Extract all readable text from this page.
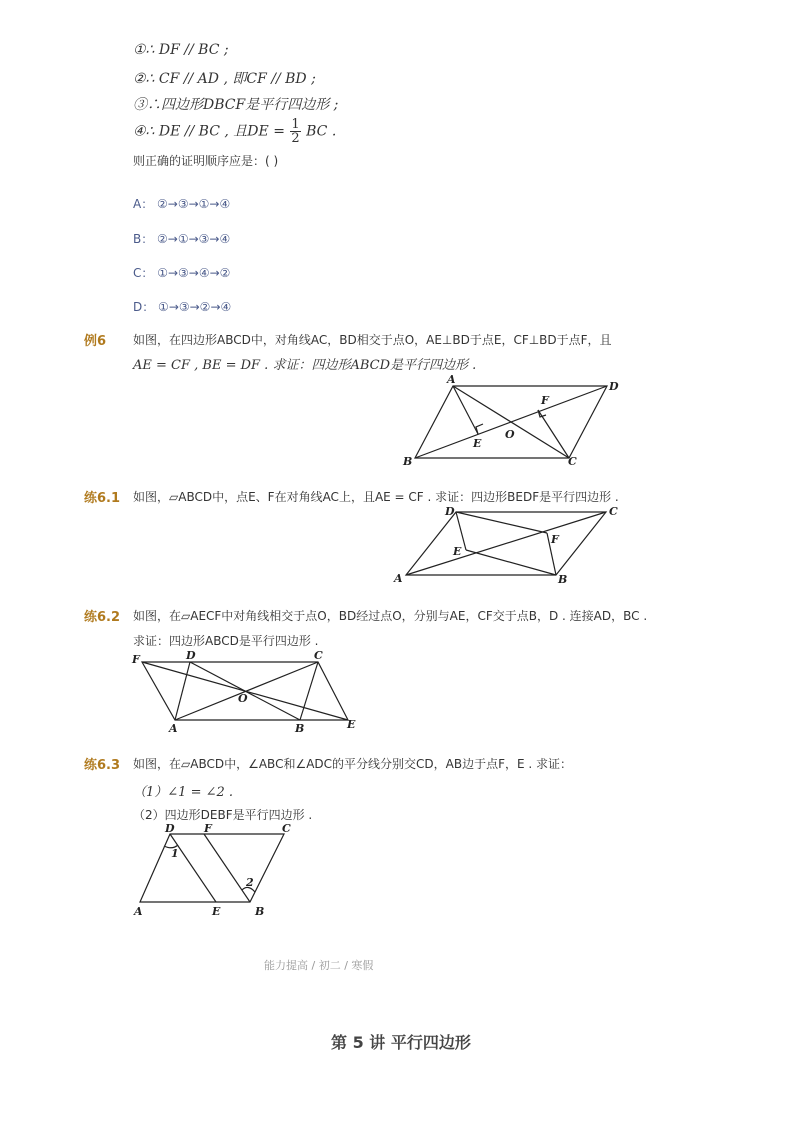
①∴ DF // BC ;
②∴ CF // AD , 即CF // BD ;
③∴四边形DBCF是平行四边形 ;
④∴ DE // BC , 且DE = $\frac{1}{2}$ BC .
则正确的证明顺序应是：( )
A： ②→③→①→④
B： ②→①→③→④
C： ①→③→④→②
D： ①→③→②→④
例6 如图，在四边形ABCD中，对角线AC，BD相交于点O，AE⊥BD于点E，CF⊥BD于点F，且
AE = CF , BE = DF . 求证：四边形ABCD是平行四边形 .
A
D
B	C
E
F
O
练6.1 如图，▱ABCD中，点E、F在对角线AC上，且AE = CF . 求证：四边形BEDF是平行四边形 .
D	C
A	B
E
F
练6.2 如图，在▱AECF中对角线相交于点O，BD经过点O，分别与AE，CF交于点B，D . 连接AD，BC .
求证：四边形ABCD是平行四边形 .
F	D	C
O
A	B	E
练6.3 如图，在▱ABCD中，∠ABC和∠ADC的平分线分别交CD，AB边于点F，E . 求证：
（1）∠1 = ∠2 .
（2）四边形DEBF是平行四边形 .
D	F	C
1
2
A	E	B
能力提高 / 初二 / 寒假
第 5 讲 平行四边形
